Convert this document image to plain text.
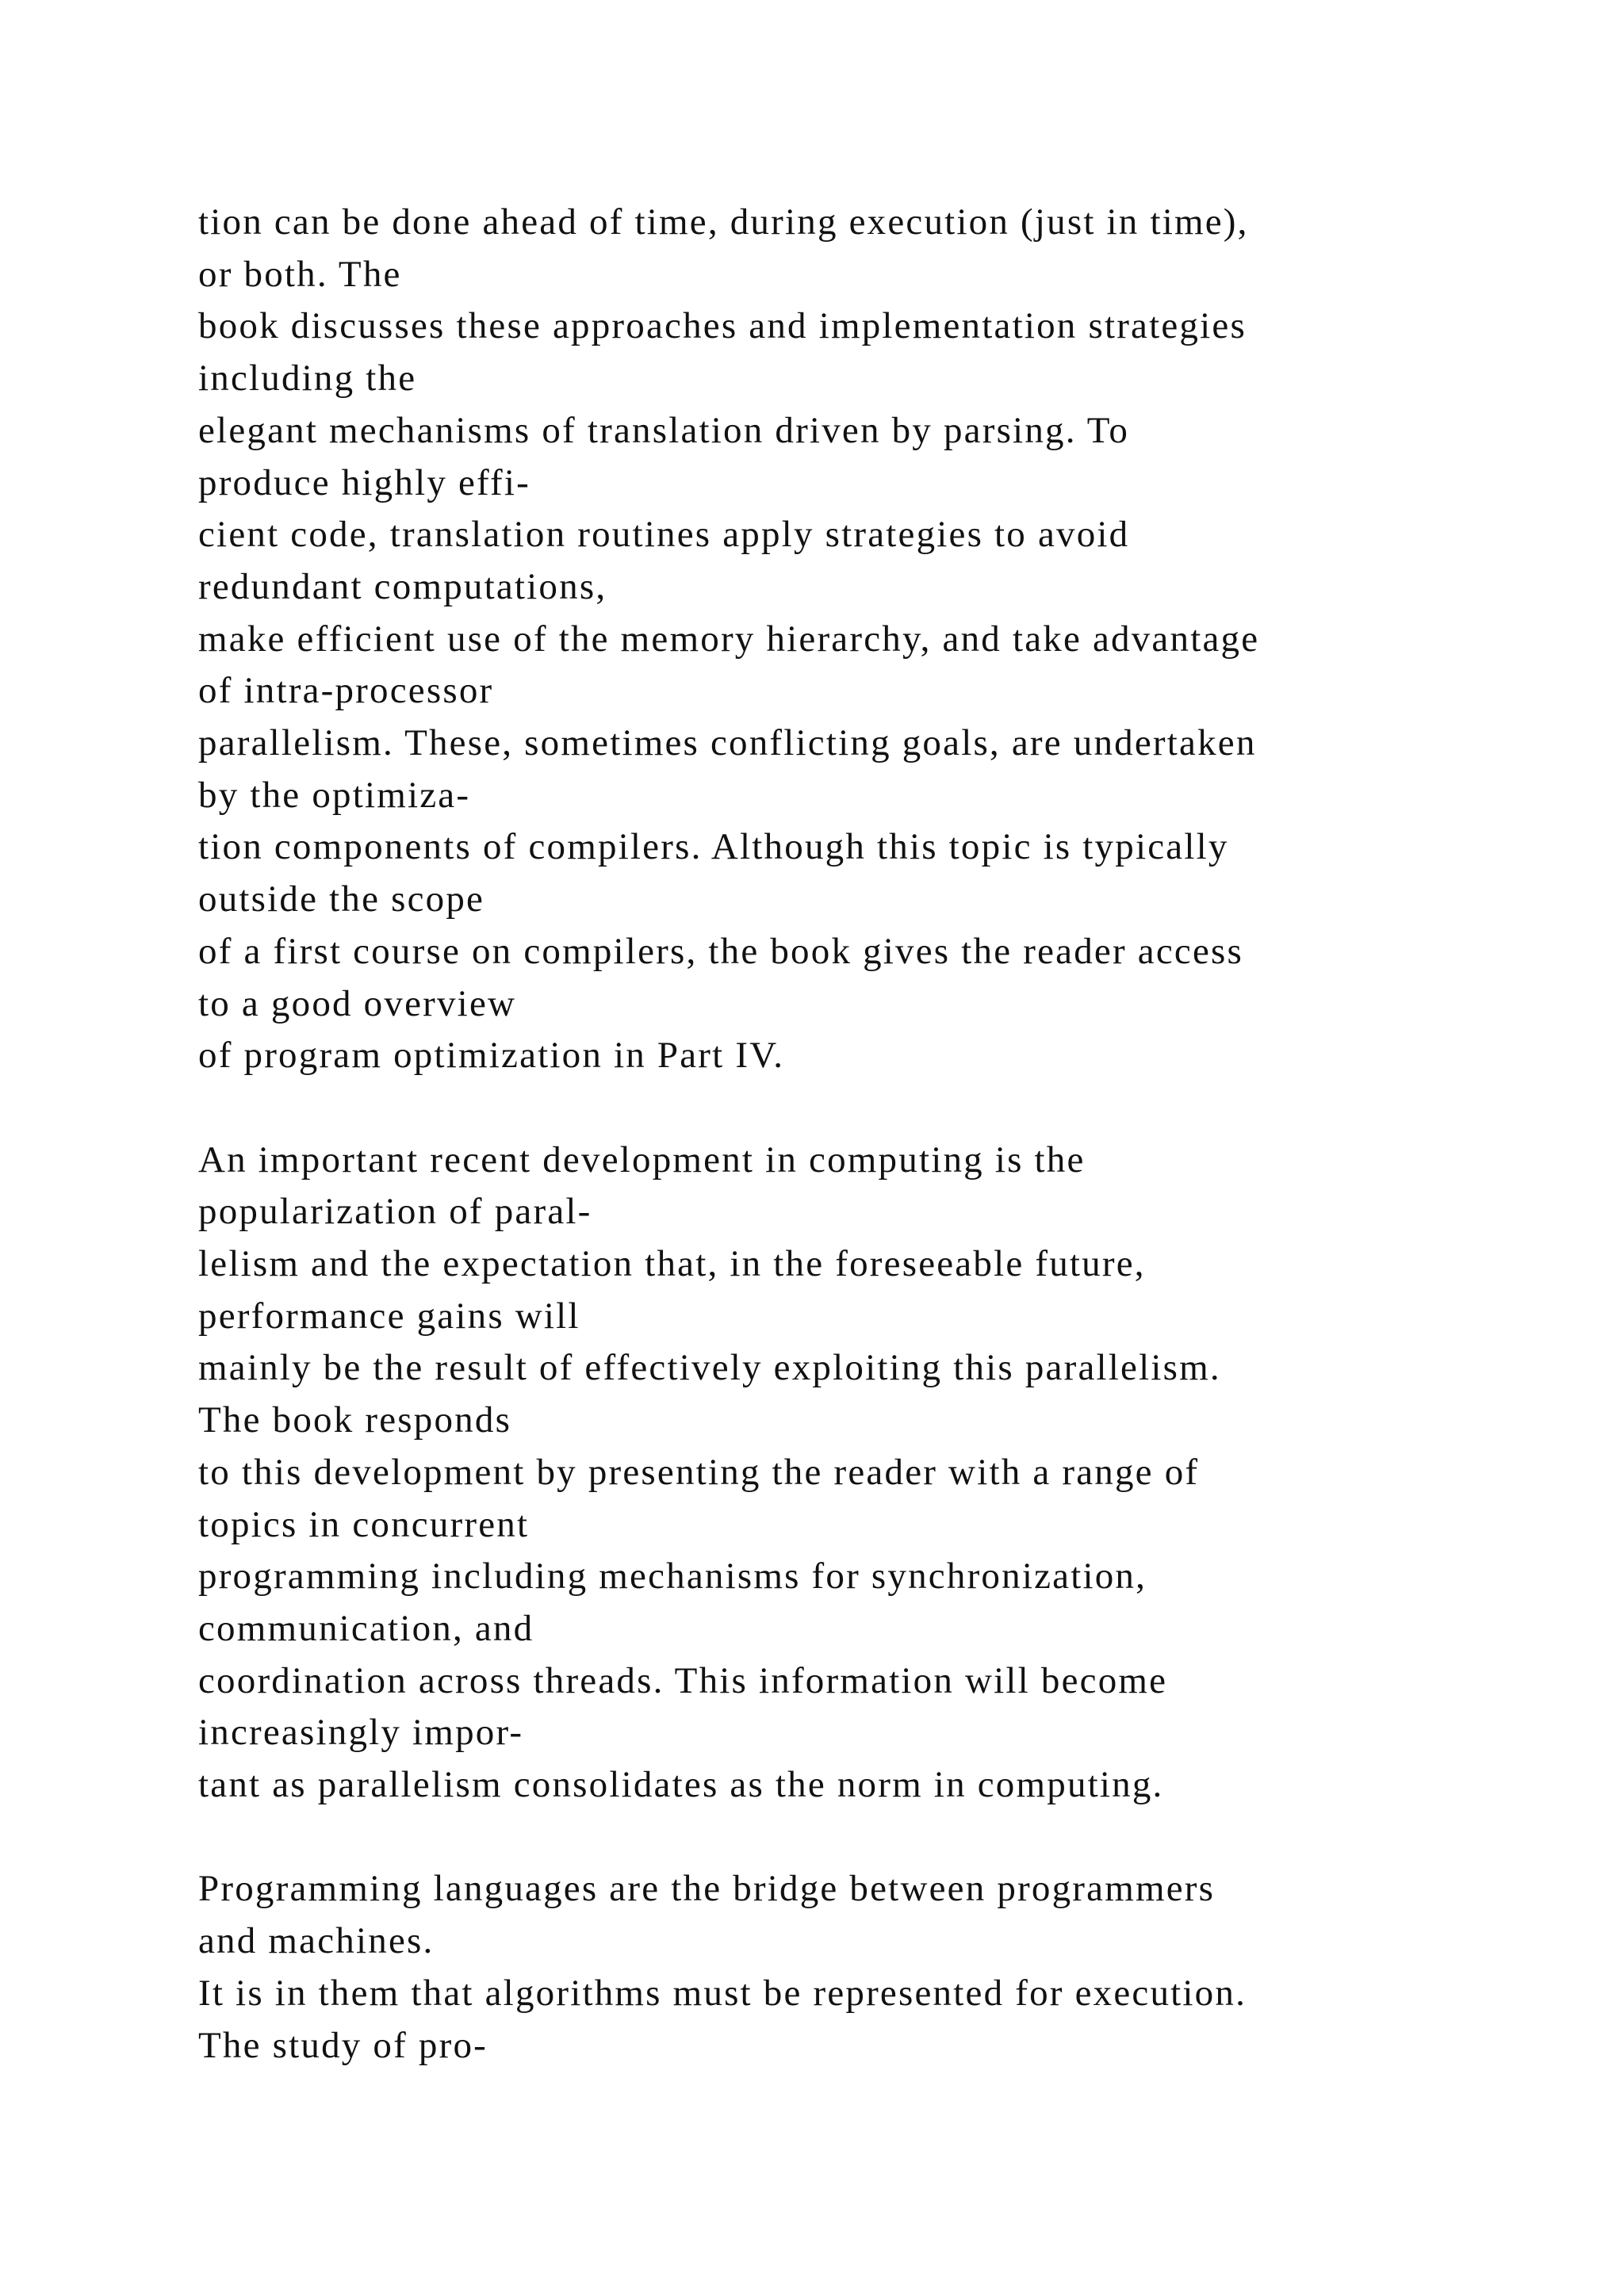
tion can be done ahead of time, during execution (just in time),
or both. The
book discusses these approaches and implementation strategies
including the
elegant mechanisms of translation driven by parsing. To
produce highly effi-
cient code, translation routines apply strategies to avoid
redundant computations,
make efficient use of the memory hierarchy, and take advantage
of intra-processor
parallelism. These, sometimes conflicting goals, are undertaken
by the optimiza-
tion components of compilers. Although this topic is typically
outside the scope
of a first course on compilers, the book gives the reader access
to a good overview
of program optimization in Part IV.

An important recent development in computing is the
popularization of paral-
lelism and the expectation that, in the foreseeable future,
performance gains will
mainly be the result of effectively exploiting this parallelism.
The book responds
to this development by presenting the reader with a range of
topics in concurrent
programming including mechanisms for synchronization,
communication, and
coordination across threads. This information will become
increasingly impor-
tant as parallelism consolidates as the norm in computing.

Programming languages are the bridge between programmers
and machines.
It is in them that algorithms must be represented for execution.
The study of pro-
